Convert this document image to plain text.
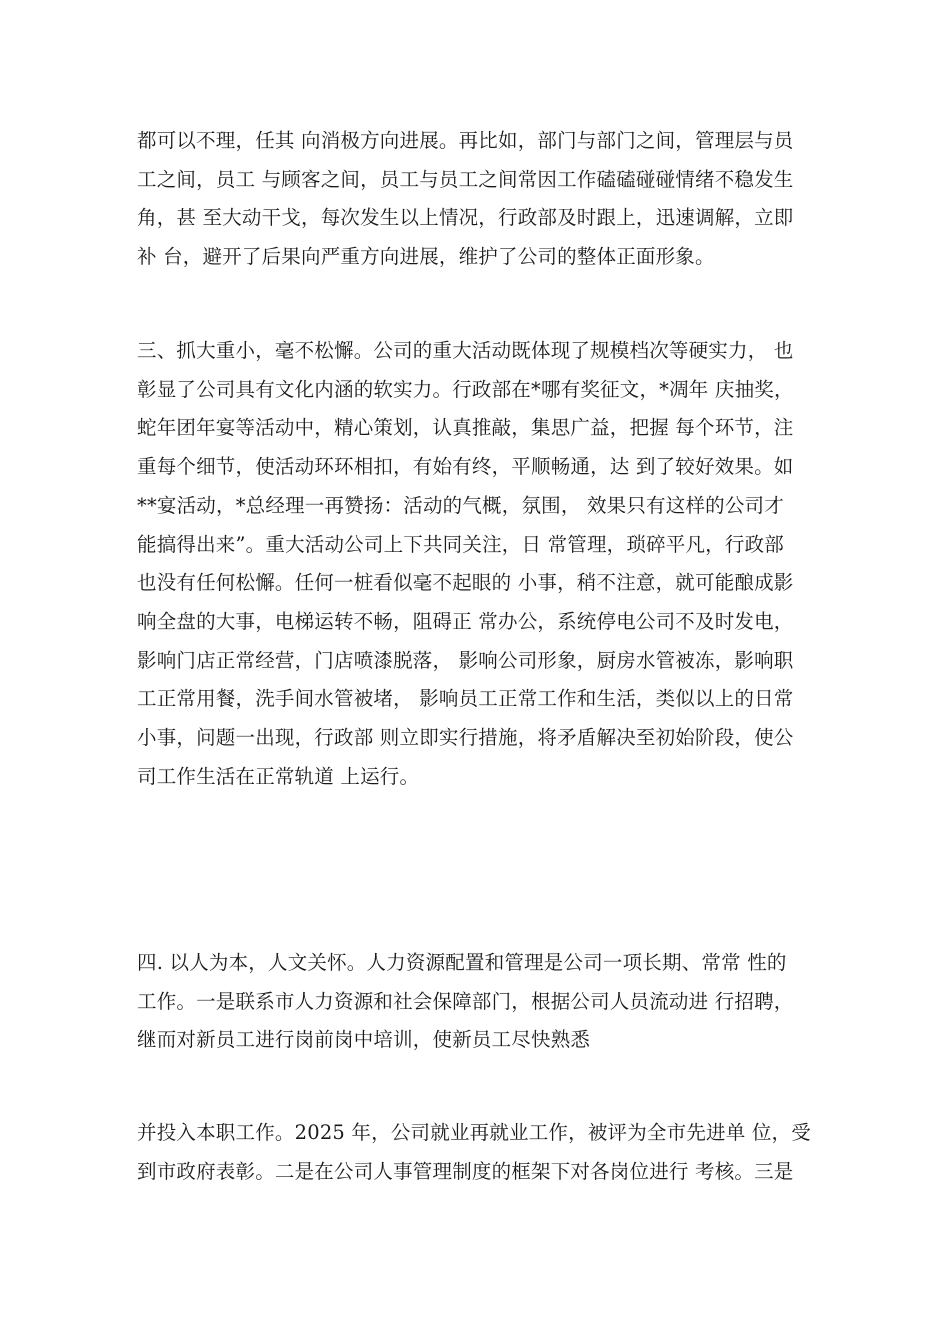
都可以不理，任其 向消极方向进展。再比如，部门与部门之间，管理层与员
工之间，员工 与顾客之间，员工与员工之间常因工作磕磕碰碰情绪不稳发生
角，甚 至大动干戈，每次发生以上情况，行政部及时跟上，迅速调解，立即
补 台，避开了后果向严重方向进展，维护了公司的整体正面形象。
三、抓大重小，毫不松懈。公司的重大活动既体现了规模档次等硬实力， 也
彰显了公司具有文化内涵的软实力。行政部在*哪有奖征文，*凋年 庆抽奖，
蛇年团年宴等活动中，精心策划，认真推敲，集思广益，把握 每个环节，注
重每个细节，使活动环环相扣，有始有终，平顺畅通，达 到了较好效果。如
**宴活动，*总经理一再赞扬：活动的气概，氛围， 效果只有这样的公司才
能搞得出来”。重大活动公司上下共同关注，日 常管理，琐碎平凡，行政部
也没有任何松懈。任何一桩看似毫不起眼的 小事，稍不注意，就可能酿成影
响全盘的大事，电梯运转不畅，阻碍正 常办公，系统停电公司不及时发电，
影响门店正常经营，门店喷漆脱落， 影响公司形象，厨房水管被冻，影响职
工正常用餐，洗手间水管被堵， 影响员工正常工作和生活，类似以上的日常
小事，问题一出现，行政部 则立即实行措施，将矛盾解决至初始阶段，使公
司工作生活在正常轨道 上运行。
四. 以人为本，人文关怀。人力资源配置和管理是公司一项长期、常常 性的
工作。一是联系市人力资源和社会保障部门，根据公司人员流动进 行招聘，
继而对新员工进行岗前岗中培训，使新员工尽快熟悉
并投入本职工作。2025 年，公司就业再就业工作，被评为全市先进单 位，受
到市政府表彰。二是在公司人事管理制度的框架下对各岗位进行 考核。三是
